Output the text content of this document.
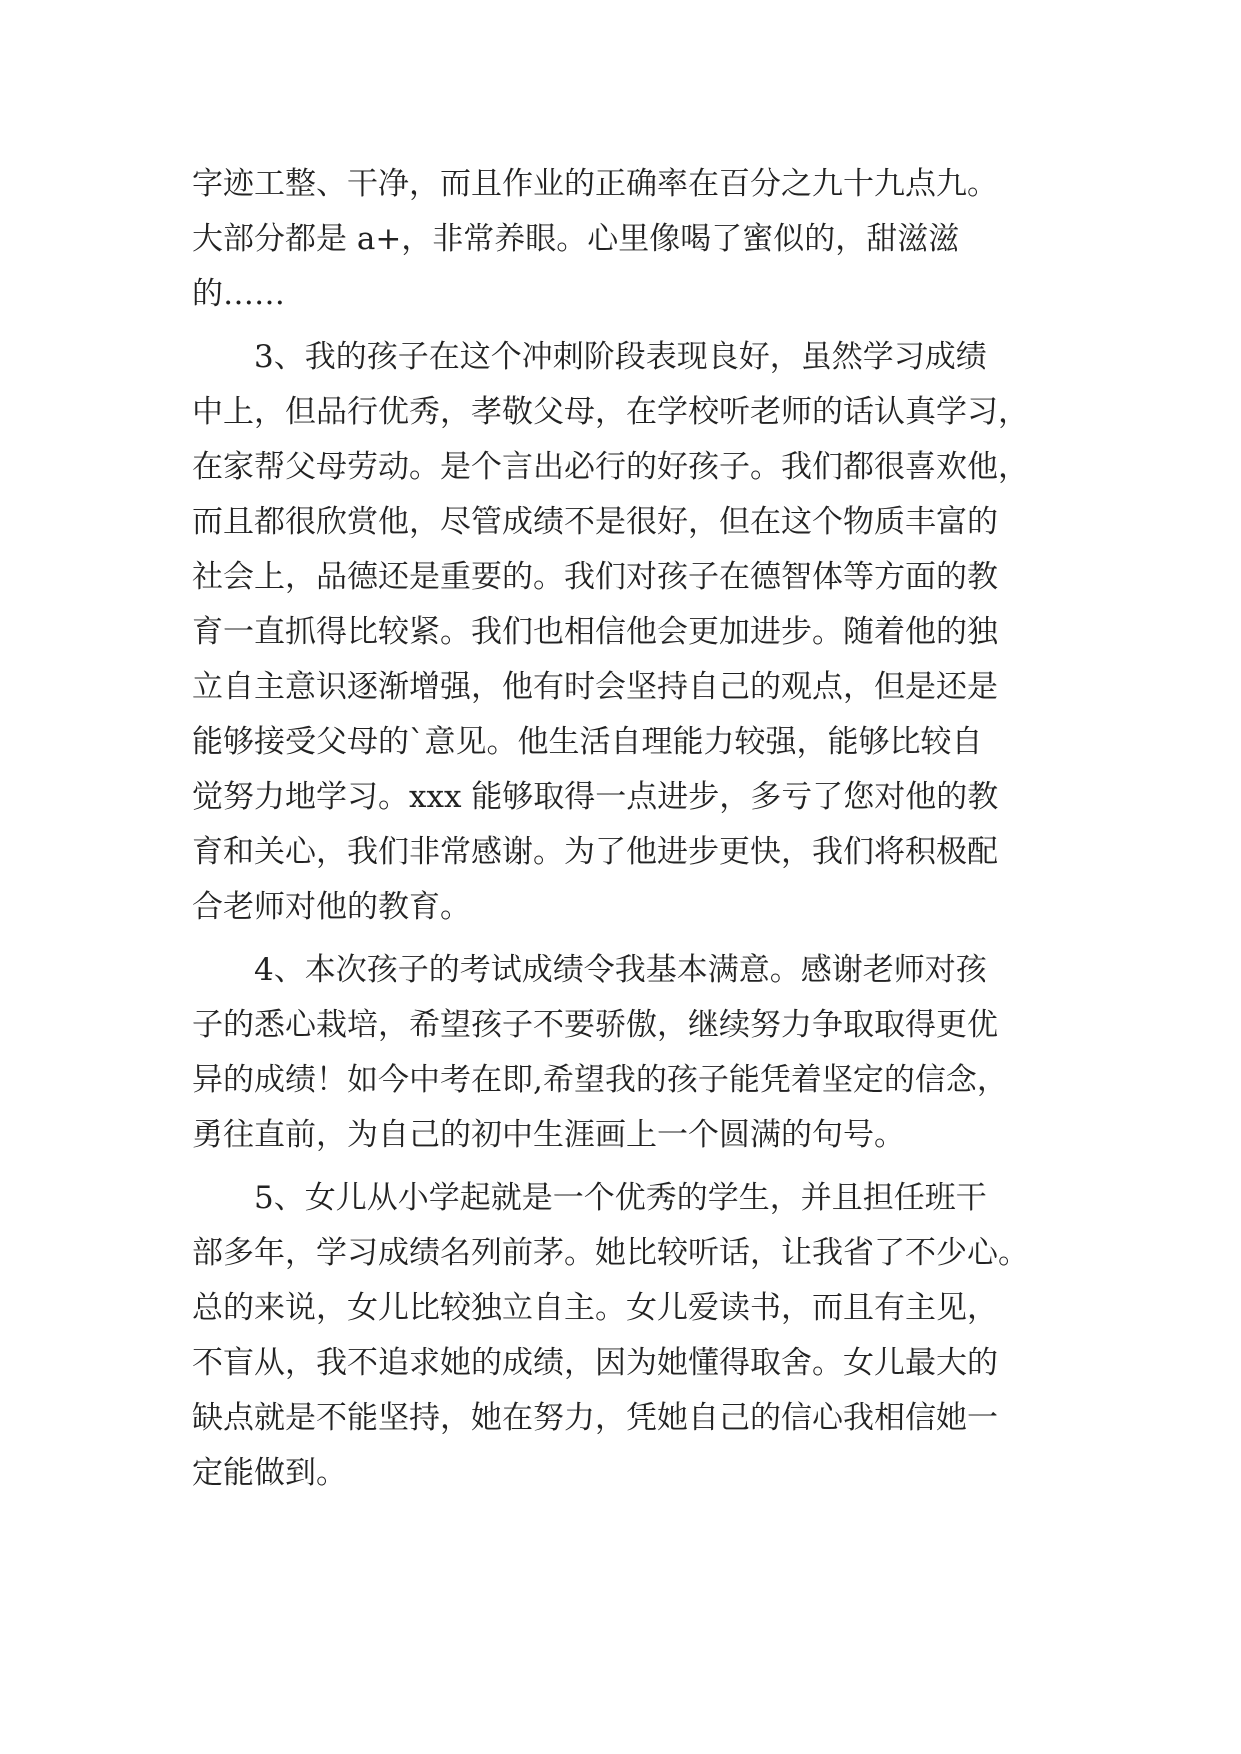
字迹工整、干净，而且作业的正确率在百分之九十九点九。
大部分都是 a+，非常养眼。心里像喝了蜜似的，甜滋滋
的……
　　3、我的孩子在这个冲刺阶段表现良好，虽然学习成绩
中上，但品行优秀，孝敬父母，在学校听老师的话认真学习，
在家帮父母劳动。是个言出必行的好孩子。我们都很喜欢他，
而且都很欣赏他，尽管成绩不是很好，但在这个物质丰富的
社会上，品德还是重要的。我们对孩子在德智体等方面的教
育一直抓得比较紧。我们也相信他会更加进步。随着他的独
立自主意识逐渐增强，他有时会坚持自己的观点，但是还是
能够接受父母的`意见。他生活自理能力较强，能够比较自
觉努力地学习。xxx 能够取得一点进步，多亏了您对他的教
育和关心，我们非常感谢。为了他进步更快，我们将积极配
合老师对他的教育。
　　4、本次孩子的考试成绩令我基本满意。感谢老师对孩
子的悉心栽培，希望孩子不要骄傲，继续努力争取取得更优
异的成绩！如今中考在即,希望我的孩子能凭着坚定的信念，
勇往直前，为自己的初中生涯画上一个圆满的句号。
　　5、女儿从小学起就是一个优秀的学生，并且担任班干
部多年，学习成绩名列前茅。她比较听话，让我省了不少心。
总的来说，女儿比较独立自主。女儿爱读书，而且有主见，
不盲从，我不追求她的成绩，因为她懂得取舍。女儿最大的
缺点就是不能坚持，她在努力，凭她自己的信心我相信她一
定能做到。
